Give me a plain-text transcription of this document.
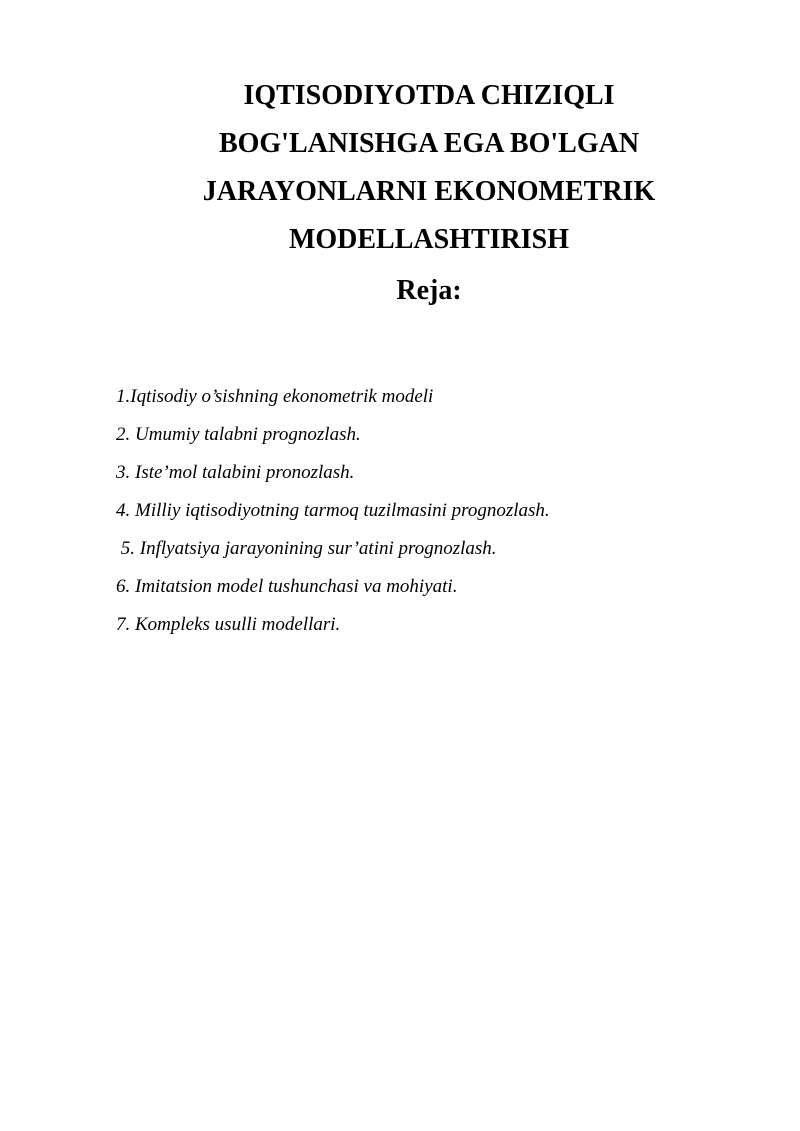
IQTISODIYOTDA CHIZIQLI
BOG'LANISHGA EGA BO'LGAN
JARAYONLARNI EKONOMETRIK
MODELLASHTIRISH
Reja:
1.Iqtisodiy o’sishning ekonometrik modeli
2. Umumiy talabni prognozlash.
3. Iste’mol talabini pronozlash.
4. Milliy iqtisodiyotning tarmoq tuzilmasini prognozlash.
5. Inflyatsiya jarayonining sur’atini prognozlash.
6. Imitatsion model tushunchasi va mohiyati.
7. Kompleks usulli modellari.
